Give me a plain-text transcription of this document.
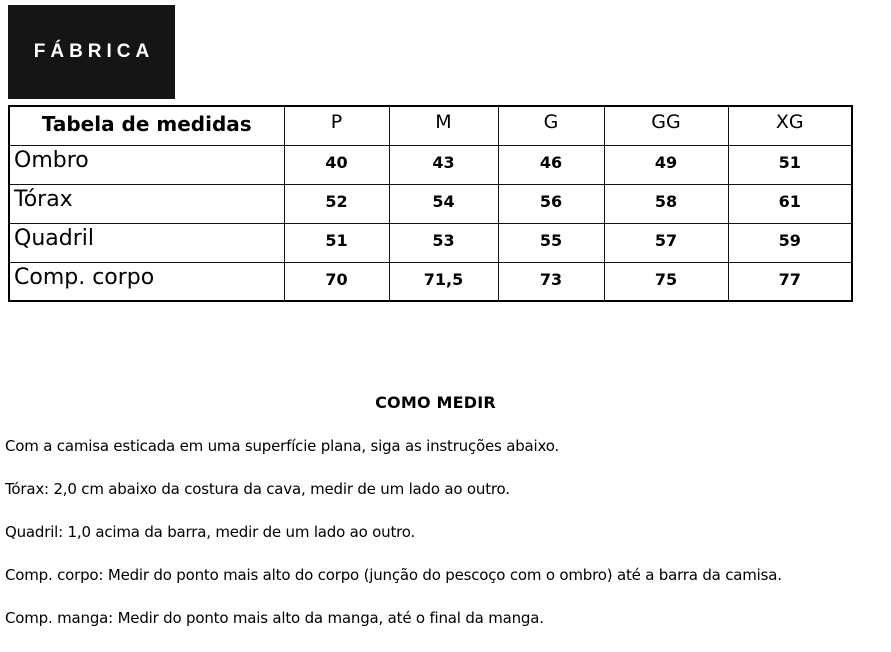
FÁBRICA
Tabela de medidas	P	M	G	GG	XG
Ombro	40	43	46	49	51
Tórax	52	54	56	58	61
Quadril	51	53	55	57	59
Comp. corpo	70	71,5	73	75	77
COMO MEDIR

Com a camisa esticada em uma superfície plana, siga as instruções abaixo.

Tórax: 2,0 cm abaixo da costura da cava, medir de um lado ao outro.

Quadril: 1,0 acima da barra, medir de um lado ao outro.

Comp. corpo: Medir do ponto mais alto do corpo (junção do pescoço com o ombro) até a barra da camisa.

Comp. manga: Medir do ponto mais alto da manga, até o final da manga.
